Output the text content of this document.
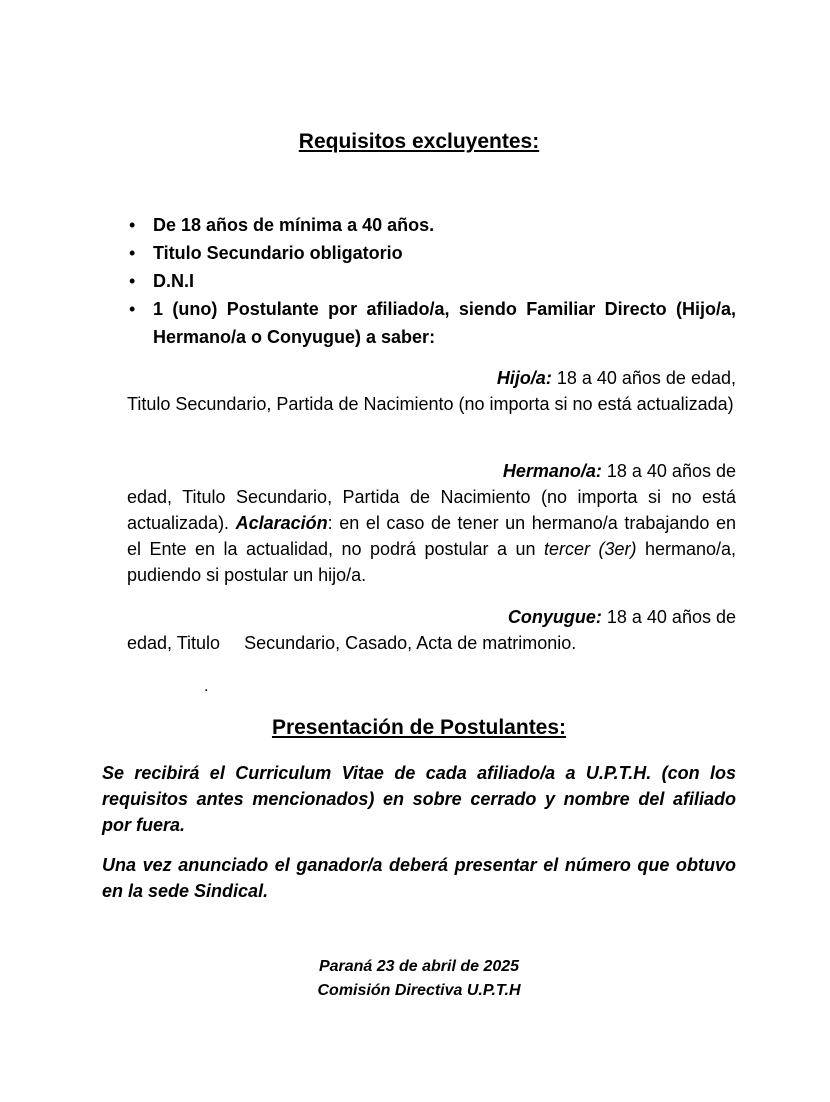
Requisitos excluyentes:
• De 18 años de mínima a 40 años.
• Titulo Secundario obligatorio
• D.N.I
• 1 (uno) Postulante por afiliado/a, siendo Familiar Directo (Hijo/a, Hermano/a o Conyugue) a saber:

Hijo/a: 18 a 40 años de edad,
Titulo Secundario, Partida de Nacimiento (no importa si no está actualizada)

Hermano/a: 18 a 40 años de
edad, Titulo Secundario, Partida de Nacimiento (no importa si no está actualizada). Aclaración: en el caso de tener un hermano/a trabajando en el Ente en la actualidad, no podrá postular a un tercer (3er) hermano/a, pudiendo si postular un hijo/a.

Conyugue: 18 a 40 años de
edad, Titulo Secundario, Casado, Acta de matrimonio.

.
Presentación de Postulantes:

Se recibirá el Curriculum Vitae de cada afiliado/a a U.P.T.H. (con los requisitos antes mencionados) en sobre cerrado y nombre del afiliado por fuera.

Una vez anunciado el ganador/a deberá presentar el número que obtuvo en la sede Sindical.

Paraná 23 de abril de 2025

Comisión Directiva U.P.T.H
